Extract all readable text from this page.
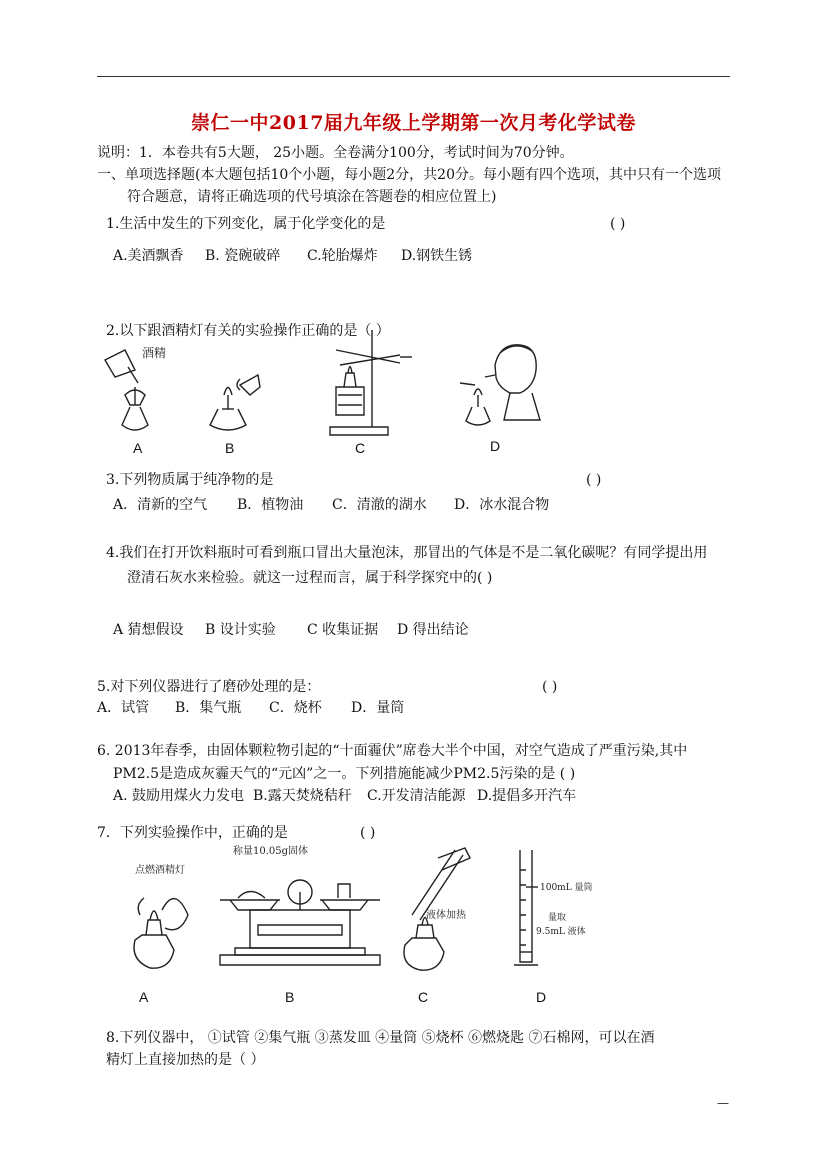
崇仁一中2017届九年级上学期第一次月考化学试卷
说明：1．本卷共有5大题， 25小题。全卷满分100分，考试时间为70分钟。
一、单项选择题(本大题包括10个小题，每小题2分，共20分。每小题有四个选项，其中只有一个选项
符合题意，请将正确选项的代号填涂在答题卷的相应位置上)
1.生活中发生的下列变化，属于化学变化的是	( )
A.美酒飘香 B. 瓷碗破碎 C.轮胎爆炸 D.钢铁生锈
2.以下跟酒精灯有关的实验操作正确的是（ ）
酒精
A	B	C	D
3.下列物质属于纯净物的是	( )
A．清新的空气 B．植物油 C．清澈的湖水 D．冰水混合物
4.我们在打开饮料瓶时可看到瓶口冒出大量泡沫，那冒出的气体是不是二氧化碳呢？有同学提出用
澄清石灰水来检验。就这一过程而言，属于科学探究中的( )
A 猜想假设 B 设计实验 C 收集证据 D 得出结论
5.对下列仪器进行了磨砂处理的是：	( )
A．试管 B．集气瓶 C．烧杯 D．量筒
6. 2013年春季，由固体颗粒物引起的“十面霾伏”席卷大半个中国，对空气造成了严重污染,其中
PM2.5是造成灰霾天气的“元凶”之一。下列措施能减少PM2.5污染的是 ( )
A. 鼓励用煤火力发电 B.露天焚烧秸秆 C.开发清洁能源 D.提倡多开汽车
7．下列实验操作中，正确的是	( )
点燃酒精灯
称量10.05g固体
液体加热
100mL 量筒
量取
9.5mL 液体
A	B	C	D
8.下列仪器中， ①试管 ②集气瓶 ③蒸发皿 ④量筒 ⑤烧杯 ⑥燃烧匙 ⑦石棉网，可以在酒
精灯上直接加热的是（ ）
—
